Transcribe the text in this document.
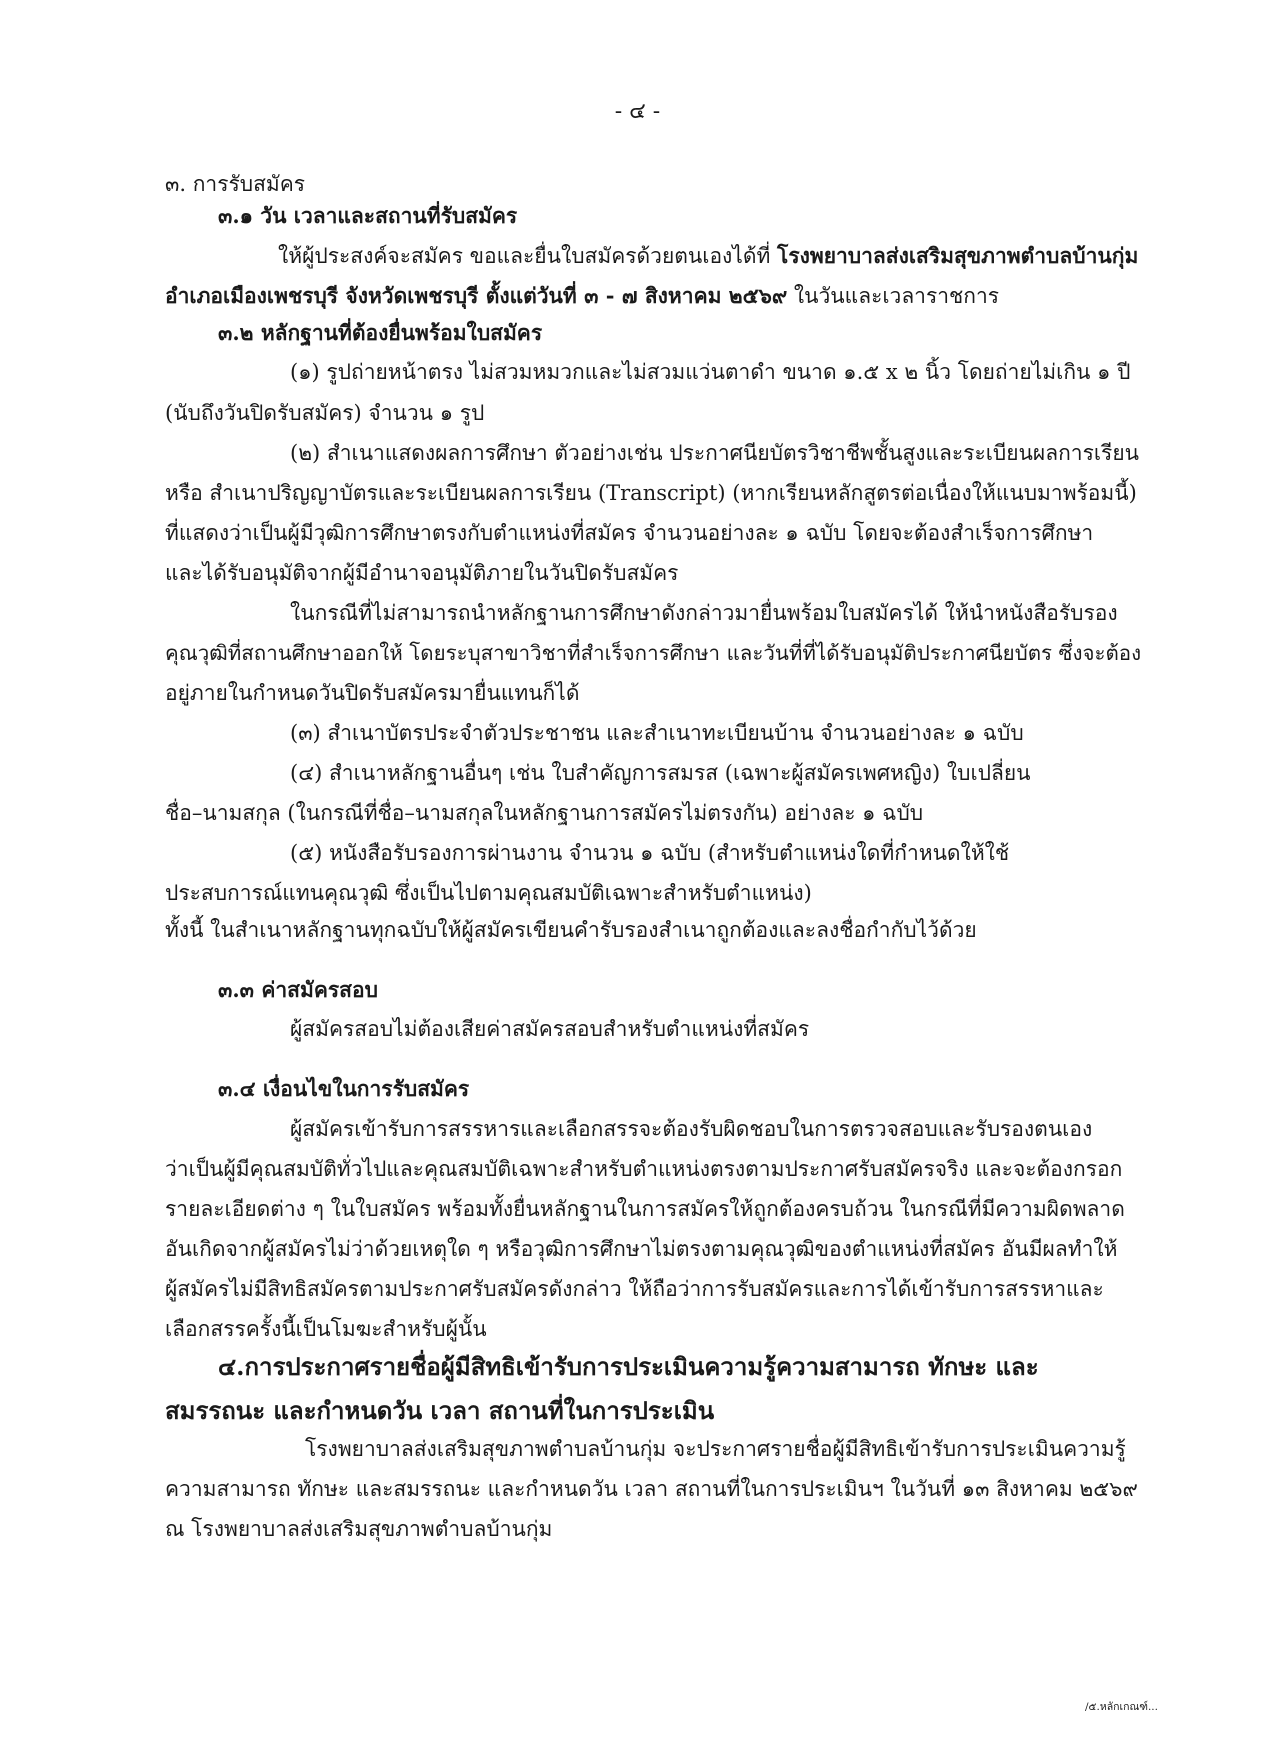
- ๔ -
๓. การรับสมัคร
๓.๑ วัน เวลาและสถานที่รับสมัคร
ให้ผู้ประสงค์จะสมัคร ขอและยื่นใบสมัครด้วยตนเองได้ที่ โรงพยาบาลส่งเสริมสุขภาพตำบลบ้านกุ่ม
อำเภอเมืองเพชรบุรี จังหวัดเพชรบุรี ตั้งแต่วันที่ ๓ - ๗ สิงหาคม ๒๕๖๙ ในวันและเวลาราชการ
๓.๒ หลักฐานที่ต้องยื่นพร้อมใบสมัคร
(๑) รูปถ่ายหน้าตรง ไม่สวมหมวกและไม่สวมแว่นตาดำ ขนาด ๑.๕ x ๒ นิ้ว โดยถ่ายไม่เกิน ๑ ปี
(นับถึงวันปิดรับสมัคร) จำนวน ๑ รูป
(๒) สำเนาแสดงผลการศึกษา ตัวอย่างเช่น ประกาศนียบัตรวิชาชีพชั้นสูงและระเบียนผลการเรียน
หรือ สำเนาปริญญาบัตรและระเบียนผลการเรียน (Transcript) (หากเรียนหลักสูตรต่อเนื่องให้แนบมาพร้อมนี้)
ที่แสดงว่าเป็นผู้มีวุฒิการศึกษาตรงกับตำแหน่งที่สมัคร จำนวนอย่างละ ๑ ฉบับ โดยจะต้องสำเร็จการศึกษา
และได้รับอนุมัติจากผู้มีอำนาจอนุมัติภายในวันปิดรับสมัคร
ในกรณีที่ไม่สามารถนำหลักฐานการศึกษาดังกล่าวมายื่นพร้อมใบสมัครได้ ให้นำหนังสือรับรอง
คุณวุฒิที่สถานศึกษาออกให้ โดยระบุสาขาวิชาที่สำเร็จการศึกษา และวันที่ที่ได้รับอนุมัติประกาศนียบัตร ซึ่งจะต้อง
อยู่ภายในกำหนดวันปิดรับสมัครมายื่นแทนก็ได้
(๓) สำเนาบัตรประจำตัวประชาชน และสำเนาทะเบียนบ้าน จำนวนอย่างละ ๑ ฉบับ
(๔) สำเนาหลักฐานอื่นๆ เช่น ใบสำคัญการสมรส (เฉพาะผู้สมัครเพศหญิง) ใบเปลี่ยน
ชื่อ–นามสกุล (ในกรณีที่ชื่อ–นามสกุลในหลักฐานการสมัครไม่ตรงกัน) อย่างละ ๑ ฉบับ
(๕) หนังสือรับรองการผ่านงาน จำนวน ๑ ฉบับ (สำหรับตำแหน่งใดที่กำหนดให้ใช้
ประสบการณ์แทนคุณวุฒิ ซึ่งเป็นไปตามคุณสมบัติเฉพาะสำหรับตำแหน่ง)
ทั้งนี้ ในสำเนาหลักฐานทุกฉบับให้ผู้สมัครเขียนคำรับรองสำเนาถูกต้องและลงชื่อกำกับไว้ด้วย
๓.๓ ค่าสมัครสอบ
ผู้สมัครสอบไม่ต้องเสียค่าสมัครสอบสำหรับตำแหน่งที่สมัคร
๓.๔ เงื่อนไขในการรับสมัคร
ผู้สมัครเข้ารับการสรรหารและเลือกสรรจะต้องรับผิดชอบในการตรวจสอบและรับรองตนเอง
ว่าเป็นผู้มีคุณสมบัติทั่วไปและคุณสมบัติเฉพาะสำหรับตำแหน่งตรงตามประกาศรับสมัครจริง และจะต้องกรอก
รายละเอียดต่าง ๆ ในใบสมัคร พร้อมทั้งยื่นหลักฐานในการสมัครให้ถูกต้องครบถ้วน ในกรณีที่มีความผิดพลาด
อันเกิดจากผู้สมัครไม่ว่าด้วยเหตุใด ๆ หรือวุฒิการศึกษาไม่ตรงตามคุณวุฒิของตำแหน่งที่สมัคร อันมีผลทำให้
ผู้สมัครไม่มีสิทธิสมัครตามประกาศรับสมัครดังกล่าว ให้ถือว่าการรับสมัครและการได้เข้ารับการสรรหาและ
เลือกสรรครั้งนี้เป็นโมฆะสำหรับผู้นั้น
๔.การประกาศรายชื่อผู้มีสิทธิเข้ารับการประเมินความรู้ความสามารถ ทักษะ และ
สมรรถนะ และกำหนดวัน เวลา สถานที่ในการประเมิน
โรงพยาบาลส่งเสริมสุขภาพตำบลบ้านกุ่ม จะประกาศรายชื่อผู้มีสิทธิเข้ารับการประเมินความรู้
ความสามารถ ทักษะ และสมรรถนะ และกำหนดวัน เวลา สถานที่ในการประเมินฯ ในวันที่ ๑๓ สิงหาคม ๒๕๖๙
ณ โรงพยาบาลส่งเสริมสุขภาพตำบลบ้านกุ่ม
/๕.หลักเกณฑ์...
